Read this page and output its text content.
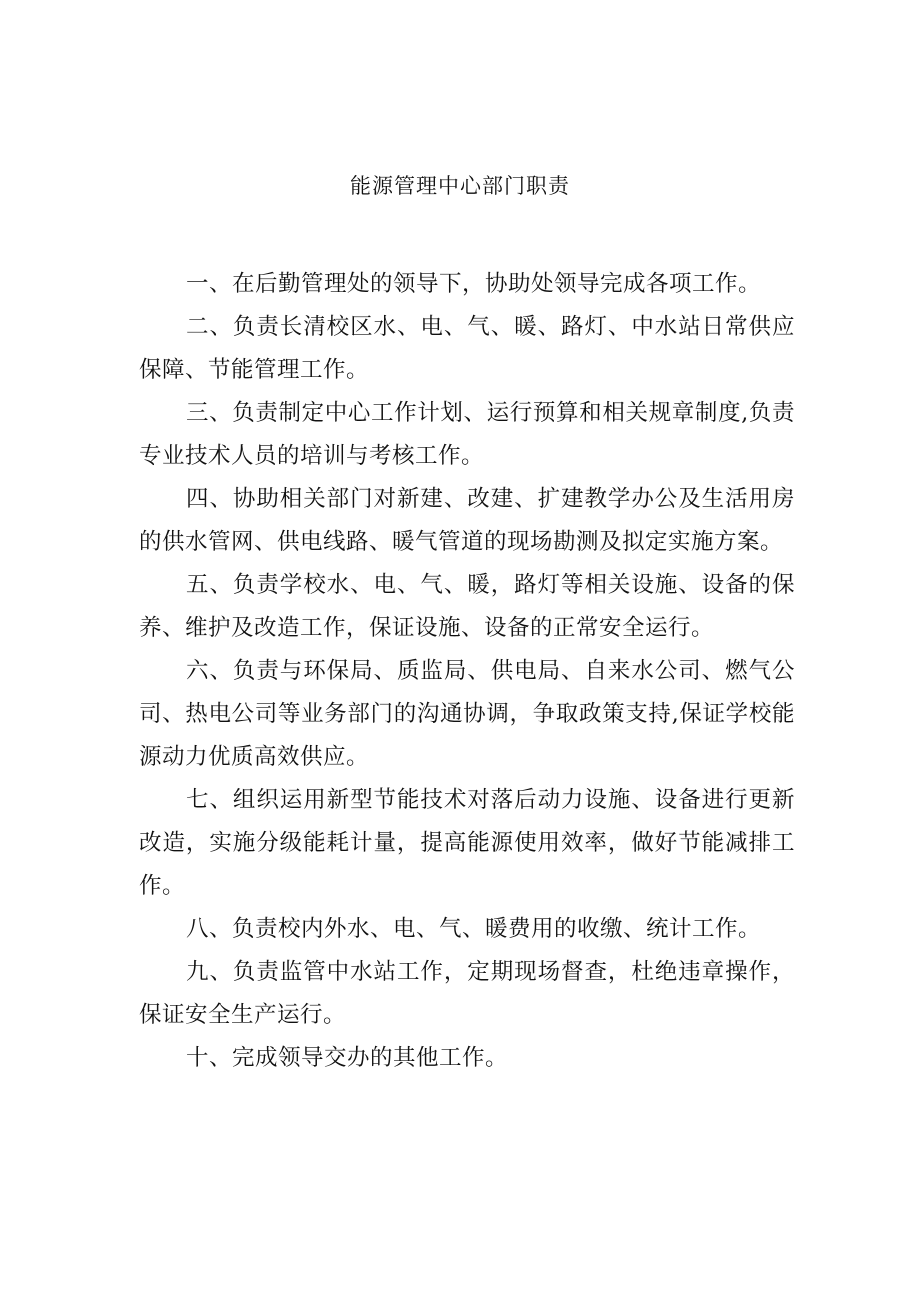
能源管理中心部门职责
一、在后勤管理处的领导下，协助处领导完成各项工作。
二、负责长清校区水、电、气、暖、路灯、中水站日常供应保障、节能管理工作。
三、负责制定中心工作计划、运行预算和相关规章制度,负责专业技术人员的培训与考核工作。
四、协助相关部门对新建、改建、扩建教学办公及生活用房的供水管网、供电线路、暖气管道的现场勘测及拟定实施方案。
五、负责学校水、电、气、暖，路灯等相关设施、设备的保养、维护及改造工作，保证设施、设备的正常安全运行。
六、负责与环保局、质监局、供电局、自来水公司、燃气公司、热电公司等业务部门的沟通协调，争取政策支持,保证学校能源动力优质高效供应。
七、组织运用新型节能技术对落后动力设施、设备进行更新改造，实施分级能耗计量，提高能源使用效率，做好节能减排工作。
八、负责校内外水、电、气、暖费用的收缴、统计工作。
九、负责监管中水站工作，定期现场督查，杜绝违章操作，保证安全生产运行。
十、完成领导交办的其他工作。
